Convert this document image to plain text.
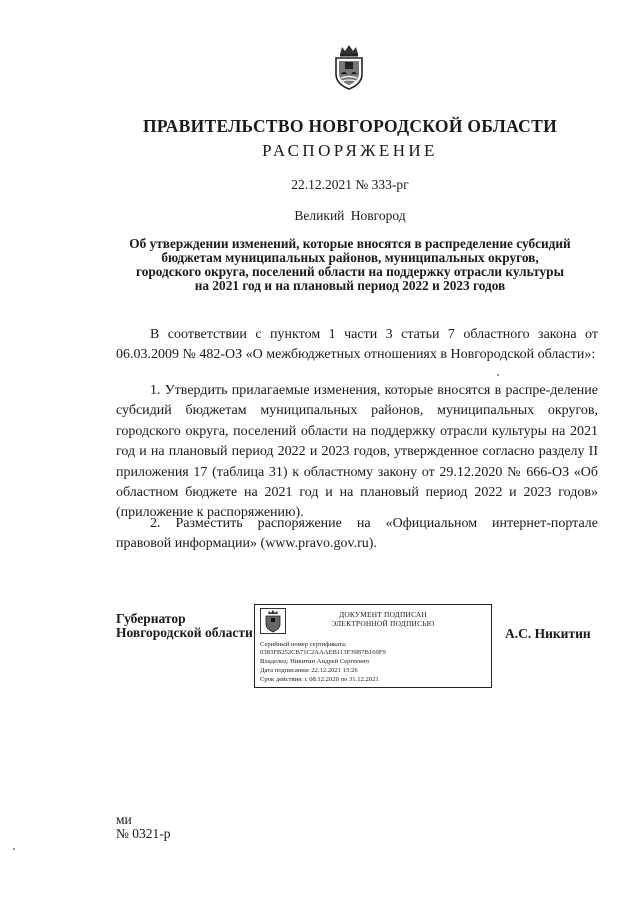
ПРАВИТЕЛЬСТВО НОВГОРОДСКОЙ ОБЛАСТИ
РАСПОРЯЖЕНИЕ
22.12.2021 № 333-рг
Великий Новгород
Об утверждении изменений, которые вносятся в распределение субсидий
бюджетам муниципальных районов, муниципальных округов,
городского округа, поселений области на поддержку отрасли культуры
на 2021 год и на плановый период 2022 и 2023 годов
В соответствии с пунктом 1 части 3 статьи 7 областного закона от 06.03.2009 № 482-ОЗ «О межбюджетных отношениях в Новгородской области»:
1. Утвердить прилагаемые изменения, которые вносятся в распре-деление субсидий бюджетам муниципальных районов, муниципальных округов, городского округа, поселений области на поддержку отрасли культуры на 2021 год и на плановый период 2022 и 2023 годов, утвержденное согласно разделу II приложения 17 (таблица 31) к областному закону от 29.12.2020 № 666-ОЗ «Об областном бюджете на 2021 год и на плановый период 2022 и 2023 годов» (приложение к распоряжению).
2. Разместить распоряжение на «Официальном интернет-портале правовой информации» (www.pravo.gov.ru).
Губернатор
Новгородской области
ДОКУМЕНТ ПОДПИСАН
ЭЛЕКТРОННОЙ ПОДПИСЬЮ
Серийный номер сертификата:
0383FB252CB71C2AAAEB113F39B7B169F9
Владелец: Никитин Андрей Сергеевич
Дата подписания: 22.12.2021 15:26
Срок действия: с 08.12.2020 по 31.12.2021
А.С. Никитин
ми
№ 0321-р
